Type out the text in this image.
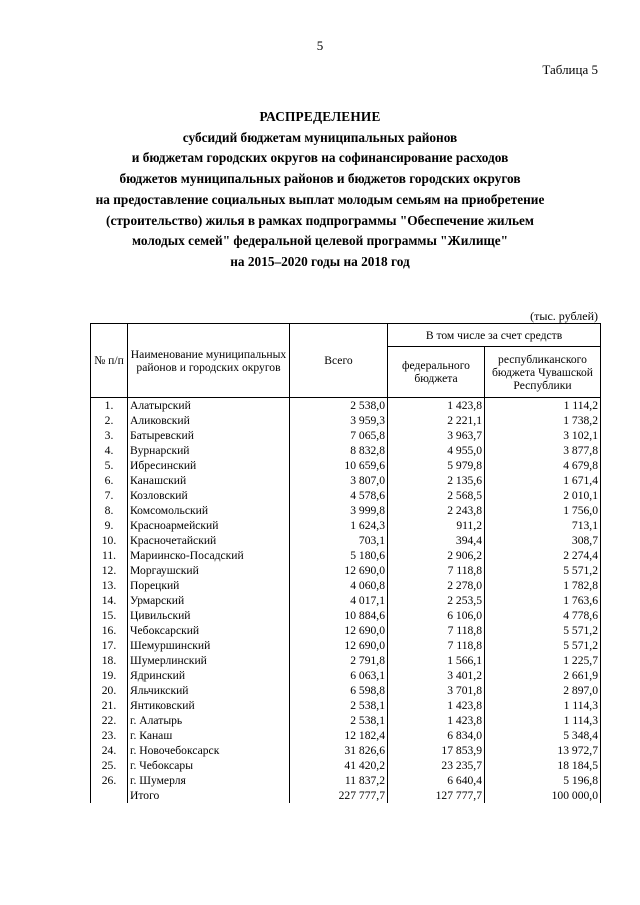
5
Таблица 5
РАСПРЕДЕЛЕНИЕ
субсидий бюджетам муниципальных районов
и бюджетам городских округов на софинансирование расходов
бюджетов муниципальных районов и бюджетов городских округов
на предоставление социальных выплат молодым семьям на приобретение
(строительство) жилья в рамках подпрограммы "Обеспечение жильем
молодых семей" федеральной целевой программы "Жилище"
на 2015–2020 годы на 2018 год
(тыс. рублей)
№ п/п	Наименование муниципальных районов и городских округов	Всего	В том числе за счет средств	
			федерального бюджета	республиканского бюджета Чувашской Республики
1.	Алатырский	2 538,0	1 423,8	1 114,2
2.	Аликовский	3 959,3	2 221,1	1 738,2
3.	Батыревский	7 065,8	3 963,7	3 102,1
4.	Вурнарский	8 832,8	4 955,0	3 877,8
5.	Ибресинский	10 659,6	5 979,8	4 679,8
6.	Канашский	3 807,0	2 135,6	1 671,4
7.	Козловский	4 578,6	2 568,5	2 010,1
8.	Комсомольский	3 999,8	2 243,8	1 756,0
9.	Красноармейский	1 624,3	911,2	713,1
10.	Красночетайский	703,1	394,4	308,7
11.	Мариинско-Посадский	5 180,6	2 906,2	2 274,4
12.	Моргаушский	12 690,0	7 118,8	5 571,2
13.	Порецкий	4 060,8	2 278,0	1 782,8
14.	Урмарский	4 017,1	2 253,5	1 763,6
15.	Цивильский	10 884,6	6 106,0	4 778,6
16.	Чебоксарский	12 690,0	7 118,8	5 571,2
17.	Шемуршинский	12 690,0	7 118,8	5 571,2
18.	Шумерлинский	2 791,8	1 566,1	1 225,7
19.	Ядринский	6 063,1	3 401,2	2 661,9
20.	Яльчикский	6 598,8	3 701,8	2 897,0
21.	Янтиковский	2 538,1	1 423,8	1 114,3
22.	г. Алатырь	2 538,1	1 423,8	1 114,3
23.	г. Канаш	12 182,4	6 834,0	5 348,4
24.	г. Новочебоксарск	31 826,6	17 853,9	13 972,7
25.	г. Чебоксары	41 420,2	23 235,7	18 184,5
26.	г. Шумерля	11 837,2	6 640,4	5 196,8
	Итого	227 777,7	127 777,7	100 000,0
